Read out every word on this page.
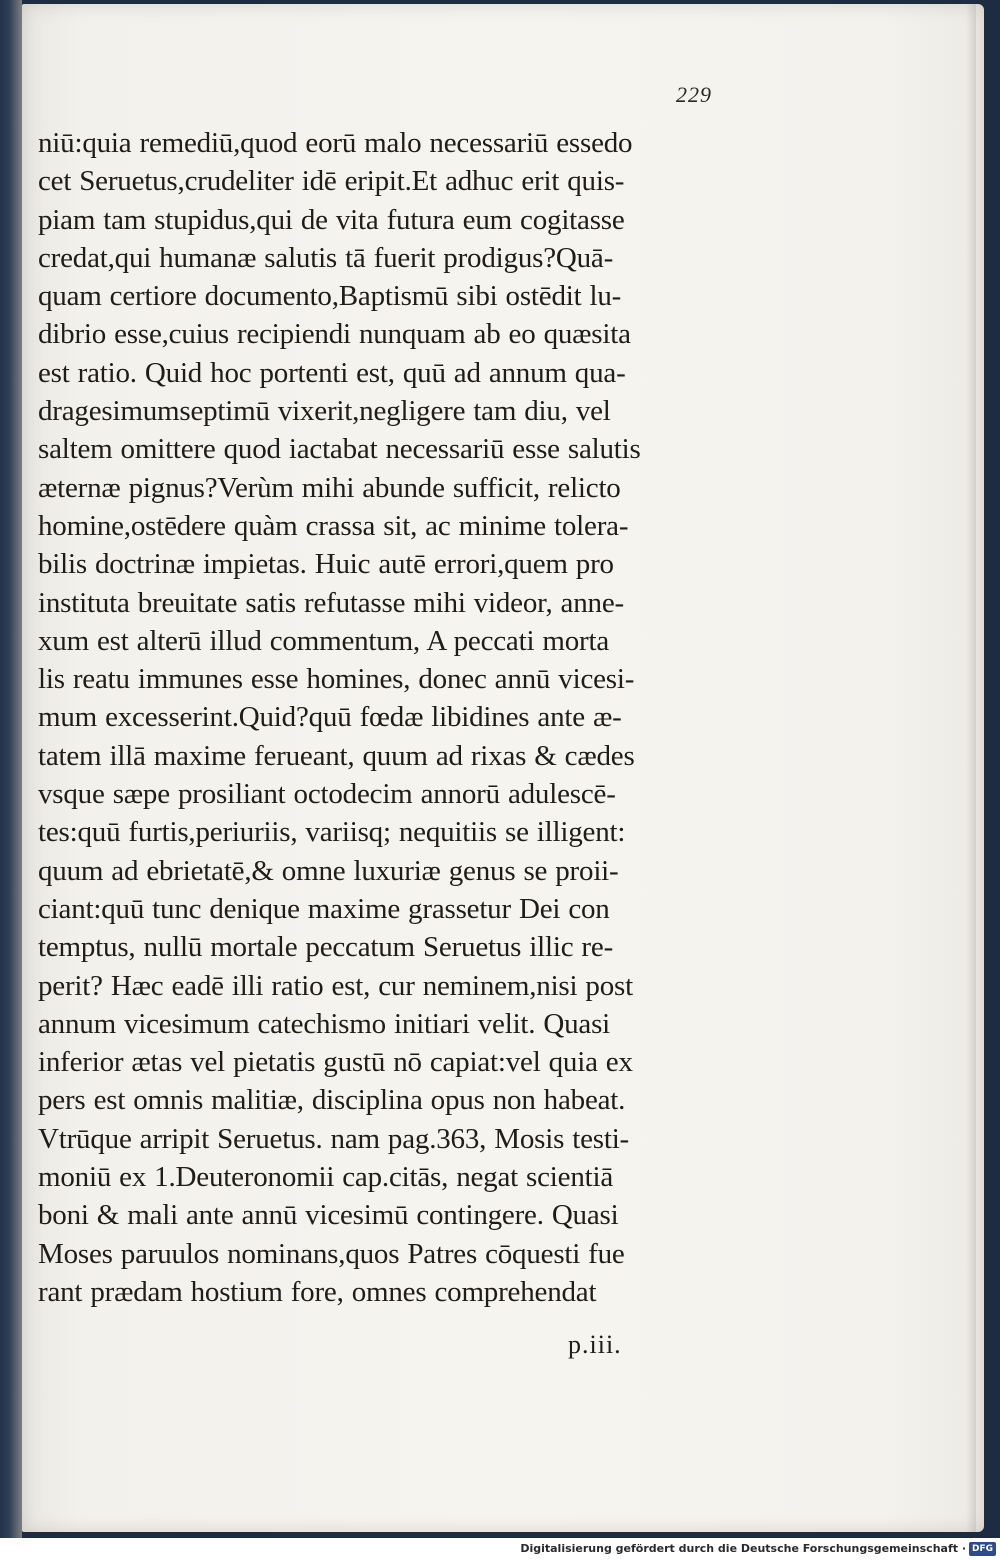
229
niū:quia remediū,quod eorū malo necessariū essedo
cet Seruetus,crudeliter idē eripit.Et adhuc erit quis-
piam tam stupidus,qui de vita futura eum cogitasse
credat,qui humanæ salutis tā fuerit prodigus?Quā-
quam certiore documento,Baptismū sibi ostēdit lu-
dibrio esse,cuius recipiendi nunquam ab eo quæsita
est ratio. Quid hoc portenti est, quū ad annum qua-
dragesimumseptimū vixerit,negligere tam diu, vel
saltem omittere quod iactabat necessariū esse salutis
æternæ pignus?Verùm mihi abunde sufficit, relicto
homine,ostēdere quàm crassa sit, ac minime tolera-
bilis doctrinæ impietas. Huic autē errori,quem pro
instituta breuitate satis refutasse mihi videor, anne-
xum est alterū illud commentum, A peccati morta
lis reatu immunes esse homines, donec annū vicesi-
mum excesserint.Quid?quū fœdæ libidines ante æ-
tatem illā maxime ferueant, quum ad rixas & cædes
vsque sæpe prosiliant octodecim annorū adulescē-
tes:quū furtis,periuriis, variisq; nequitiis se illigent:
quum ad ebrietatē,& omne luxuriæ genus se proii-
ciant:quū tunc denique maxime grassetur Dei con
temptus, nullū mortale peccatum Seruetus illic re-
perit? Hæc eadē illi ratio est, cur neminem,nisi post
annum vicesimum catechismo initiari velit. Quasi
inferior ætas vel pietatis gustū nō capiat:vel quia ex
pers est omnis malitiæ, disciplina opus non habeat.
Vtrūque arripit Seruetus. nam pag.363, Mosis testi-
moniū ex 1.Deuteronomii cap.citās, negat scientiā
boni & mali ante annū vicesimū contingere. Quasi
Moses paruulos nominans,quos Patres cōquesti fue
rant prædam hostium fore, omnes comprehendat
p.iii.
Digitalisierung gefördert durch die Deutsche Forschungsgemeinschaft · DFG
